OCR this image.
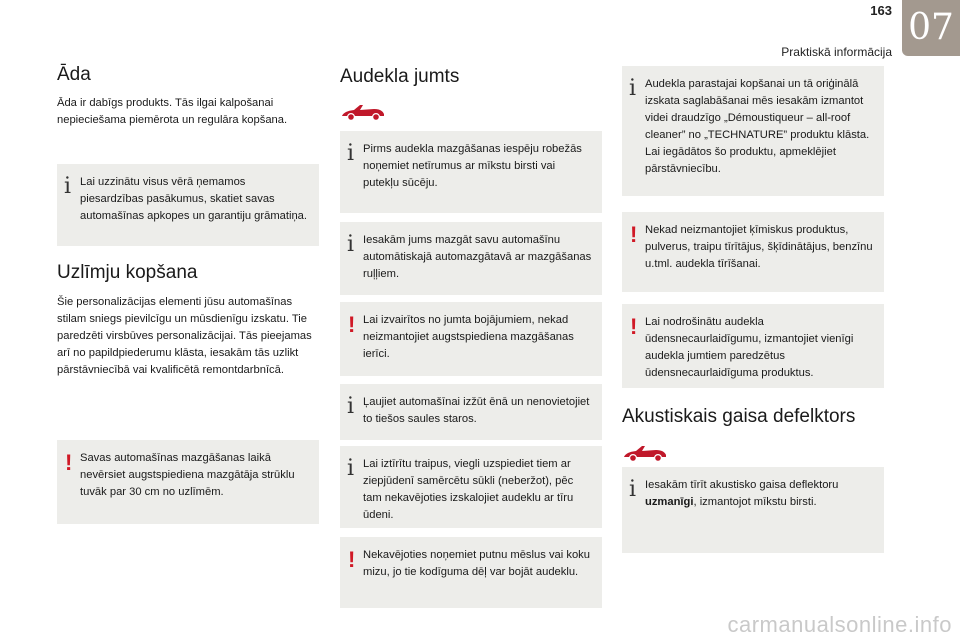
163
Praktiskā informācija
07
Āda

Āda ir dabīgs produkts. Tās ilgai kalpošanai nepieciešama piemērota un regulāra kopšana.

i Lai uzzinātu visus vērā ņemamos piesardzības pasākumus, skatiet savas automašīnas apkopes un garantiju grāmatiņa.
Uzlīmju kopšana

Šie personalizācijas elementi jūsu automašīnas stilam sniegs pievilcīgu un mūsdienīgu izskatu. Tie paredzēti virsbūves personalizācijai. Tās pieejamas arī no papildpiederumu klāsta, iesakām tās uzlikt pārstāvniecībā vai kvalificētā remontdarbnīcā.

! Savas automašīnas mazgāšanas laikā nevērsiet augstspiediena mazgātāja strūklu tuvāk par 30 cm no uzlīmēm.
Audekla jumts
i Pirms audekla mazgāšanas iespēju robežās noņemiet netīrumus ar mīkstu birsti vai putekļu sūcēju.
i Iesakām jums mazgāt savu automašīnu automātiskajā automazgātavā ar mazgāšanas ruļļiem.
! Lai izvairītos no jumta bojājumiem, nekad neizmantojiet augstspiediena mazgāšanas ierīci.
i Ļaujiet automašīnai izžūt ēnā un nenovietojiet to tiešos saules staros.
i Lai iztīrītu traipus, viegli uzspiediet tiem ar ziepjūdenī samērcētu sūkli (neberžot), pēc tam nekavējoties izskalojiet audeklu ar tīru ūdeni.
! Nekavējoties noņemiet putnu mēslus vai koku mizu, jo tie kodīguma dēļ var bojāt audeklu.
i Audekla parastajai kopšanai un tā oriģinālā izskata saglabāšanai mēs iesakām izmantot videi draudzīgo „Démoustiqueur – all-roof cleaner” no „TECHNATURE” produktu klāsta. Lai iegādātos šo produktu, apmeklējiet pārstāvniecību.
! Nekad neizmantojiet ķīmiskus produktus, pulverus, traipu tīrītājus, šķīdinātājus, benzīnu u.tml. audekla tīrīšanai.
! Lai nodrošinātu audekla ūdensnecaurlaidīgumu, izmantojiet vienīgi audekla jumtiem paredzētus ūdensnecaurlaidīguma produktus.
Akustiskais gaisa defelktors
i Iesakām tīrīt akustisko gaisa deflektoru uzmanīgi, izmantojot mīkstu birsti.
carmanualsonline.info
